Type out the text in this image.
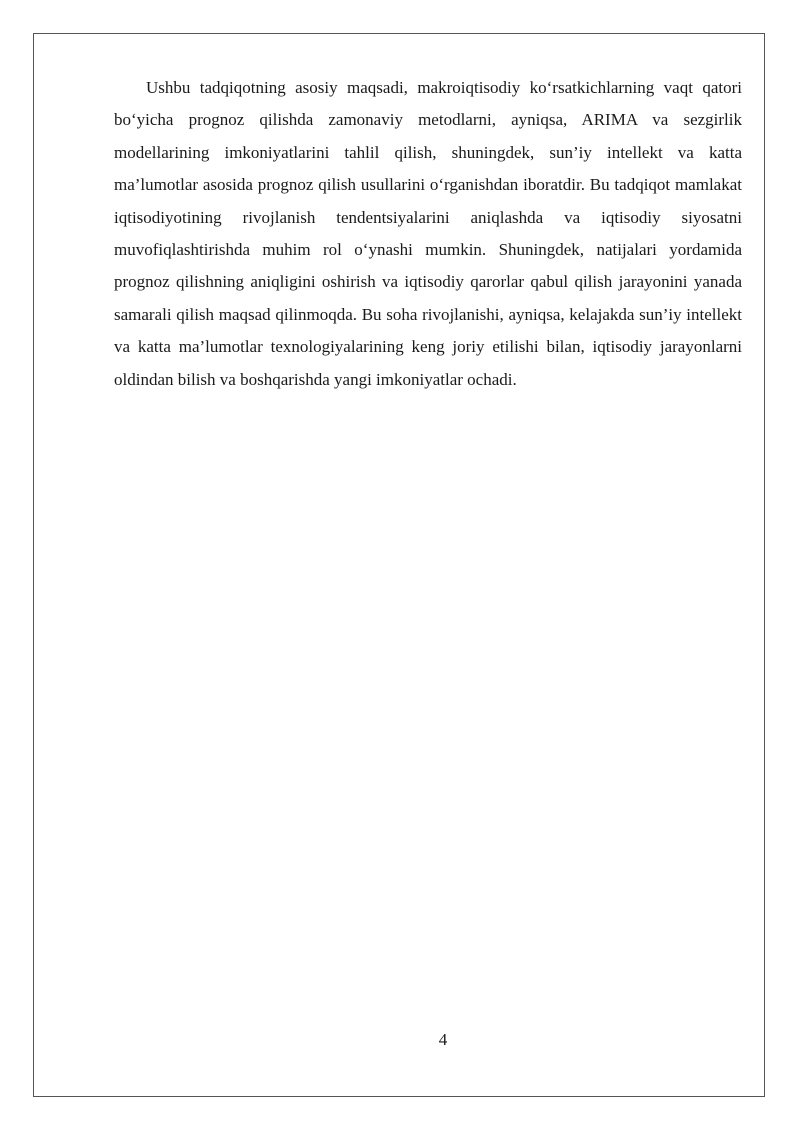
Ushbu tadqiqotning asosiy maqsadi, makroiqtisodiy ko‘rsatkichlarning vaqt qatori bo‘yicha prognoz qilishda zamonaviy metodlarni, ayniqsa, ARIMA va sezgirlik modellarining imkoniyatlarini tahlil qilish, shuningdek, sun’iy intellekt va katta ma’lumotlar asosida prognoz qilish usullarini o‘rganishdan iboratdir. Bu tadqiqot mamlakat iqtisodiyotining rivojlanish tendentsiyalarini aniqlashda va iqtisodiy siyosatni muvofiqlashtirishda muhim rol o‘ynashi mumkin. Shuningdek, natijalari yordamida prognoz qilishning aniqligini oshirish va iqtisodiy qarorlar qabul qilish jarayonini yanada samarali qilish maqsad qilinmoqda. Bu soha rivojlanishi, ayniqsa, kelajakda sun’iy intellekt va katta ma’lumotlar texnologiyalarining keng joriy etilishi bilan, iqtisodiy jarayonlarni oldindan bilish va boshqarishda yangi imkoniyatlar ochadi.

4
